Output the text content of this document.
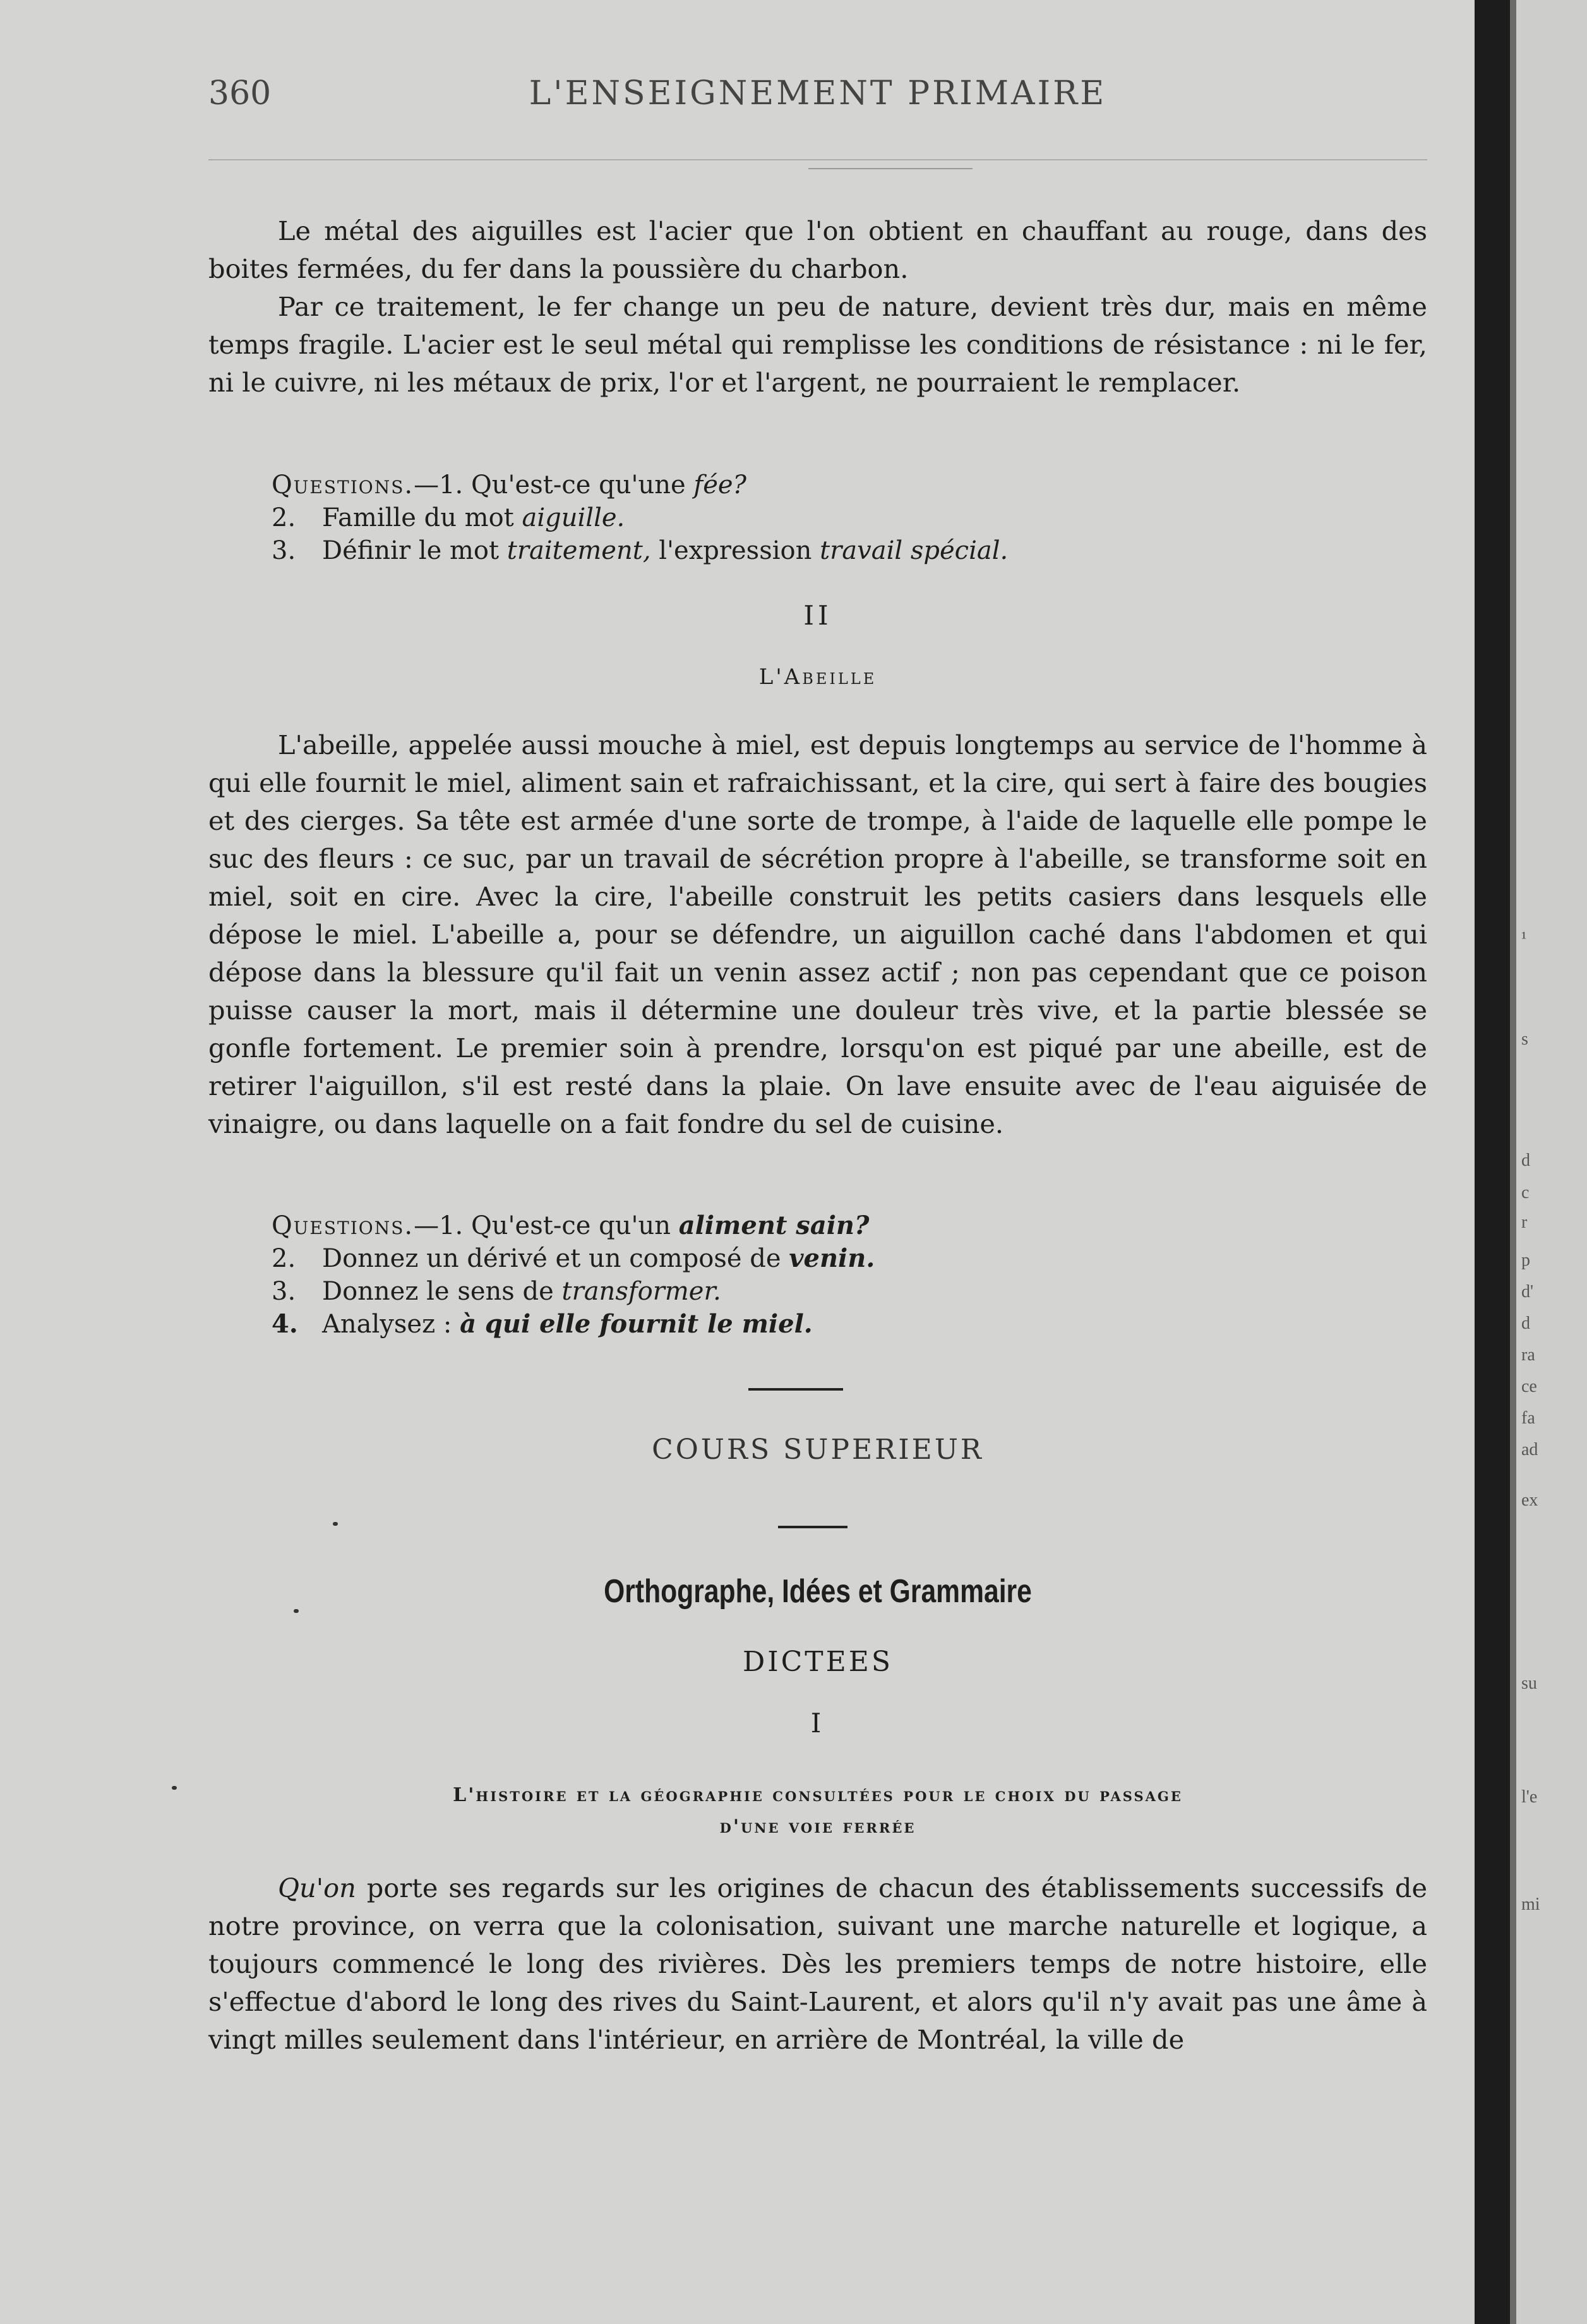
360	L'ENSEIGNEMENT PRIMAIRE

Le métal des aiguilles est l'acier que l'on obtient en chauffant au rouge, dans des boites fermées, du fer dans la poussière du charbon.

Par ce traitement, le fer change un peu de nature, devient très dur, mais en même temps fragile. L'acier est le seul métal qui remplisse les conditions de résistance : ni le fer, ni le cuivre, ni les métaux de prix, l'or et l'argent, ne pourraient le remplacer.

Questions.—1. Qu'est-ce qu'une fée?
2. Famille du mot aiguille.
3. Définir le mot traitement, l'expression travail spécial.
II
L'Abeille

L'abeille, appelée aussi mouche à miel, est depuis longtemps au service de l'homme à qui elle fournit le miel, aliment sain et rafraichissant, et la cire, qui sert à faire des bougies et des cierges. Sa tête est armée d'une sorte de trompe, à l'aide de laquelle elle pompe le suc des fleurs : ce suc, par un travail de sécrétion propre à l'abeille, se transforme soit en miel, soit en cire. Avec la cire, l'abeille construit les petits casiers dans lesquels elle dépose le miel. L'abeille a, pour se défendre, un aiguillon caché dans l'abdomen et qui dépose dans la blessure qu'il fait un venin assez actif ; non pas cependant que ce poison puisse causer la mort, mais il détermine une douleur très vive, et la partie blessée se gonfle fortement. Le premier soin à prendre, lorsqu'on est piqué par une abeille, est de retirer l'aiguillon, s'il est resté dans la plaie. On lave ensuite avec de l'eau aiguisée de vinaigre, ou dans laquelle on a fait fondre du sel de cuisine.

Questions.—1. Qu'est-ce qu'un aliment sain?
2. Donnez un dérivé et un composé de venin.
3. Donnez le sens de transformer.
4. Analysez : à qui elle fournit le miel.
COURS SUPERIEUR
Orthographe, Idées et Grammaire
DICTEES
I
L'histoire et la géographie consultées pour le choix du passage
d'une voie ferrée

Qu'on porte ses regards sur les origines de chacun des établissements successifs de notre province, on verra que la colonisation, suivant une marche naturelle et logique, a toujours commencé le long des rivières. Dès les premiers temps de notre histoire, elle s'effectue d'abord le long des rives du Saint-Laurent, et alors qu'il n'y avait pas une âme à vingt milles seulement dans l'intérieur, en arrière de Montréal, la ville de

¹
s
d
c
r
p
d'
d
ra
ce
fa
ad
ex
su
l'e
mi
